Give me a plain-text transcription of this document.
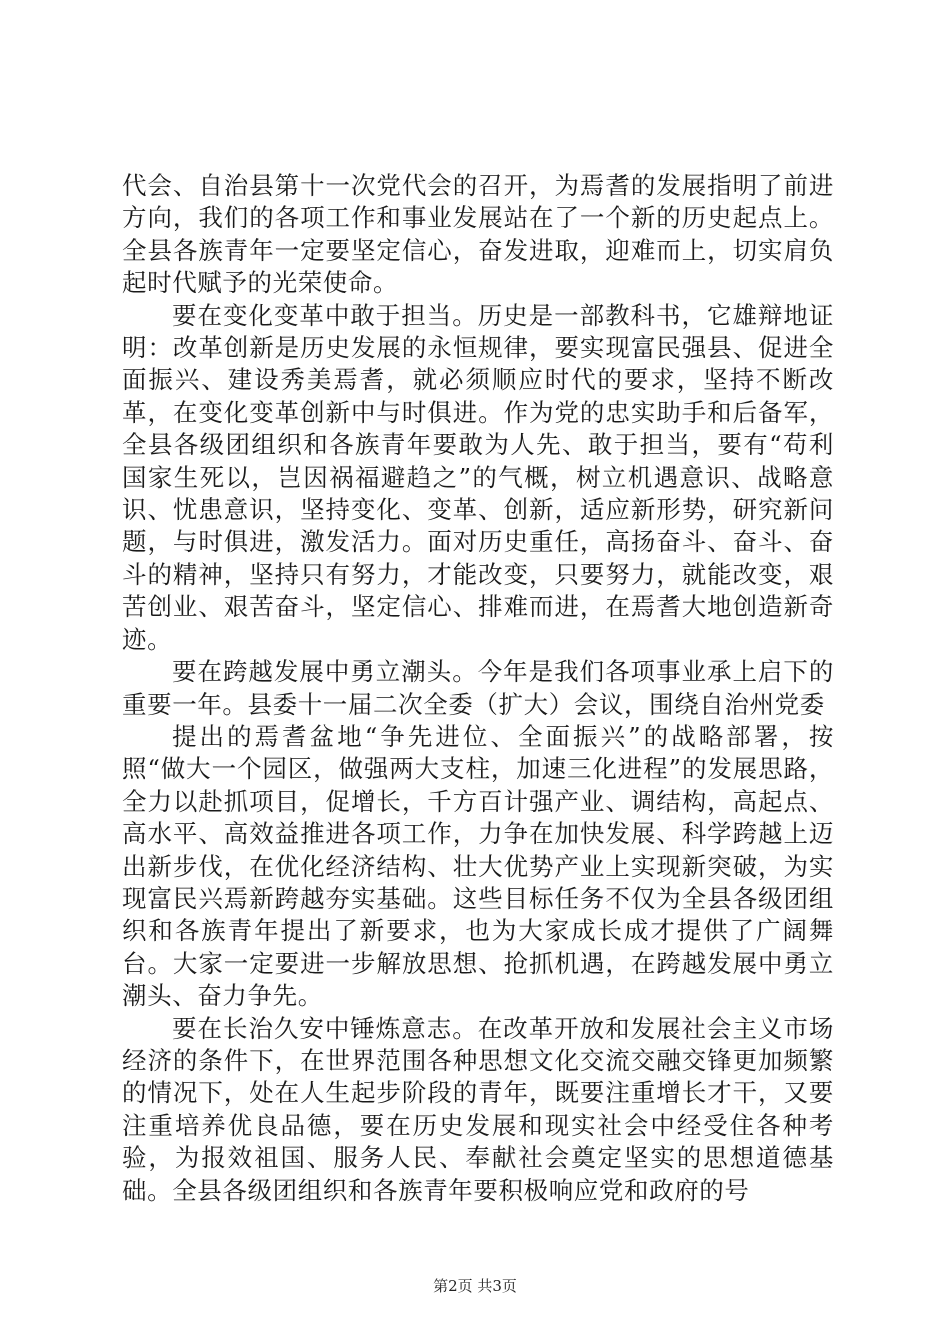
代会、自治县第十一次党代会的召开，为焉耆的发展指明了前进方向，我们的各项工作和事业发展站在了一个新的历史起点上。全县各族青年一定要坚定信心，奋发进取，迎难而上，切实肩负起时代赋予的光荣使命。

要在变化变革中敢于担当。历史是一部教科书，它雄辩地证明：改革创新是历史发展的永恒规律，要实现富民强县、促进全面振兴、建设秀美焉耆，就必须顺应时代的要求，坚持不断改革，在变化变革创新中与时俱进。作为党的忠实助手和后备军，全县各级团组织和各族青年要敢为人先、敢于担当，要有“苟利国家生死以，岂因祸福避趋之”的气概，树立机遇意识、战略意识、忧患意识，坚持变化、变革、创新，适应新形势，研究新问题，与时俱进，激发活力。面对历史重任，高扬奋斗、奋斗、奋斗的精神，坚持只有努力，才能改变，只要努力，就能改变，艰苦创业、艰苦奋斗，坚定信心、排难而进，在焉耆大地创造新奇迹。

要在跨越发展中勇立潮头。今年是我们各项事业承上启下的重要一年。县委十一届二次全委（扩大）会议，围绕自治州党委

提出的焉耆盆地“争先进位、全面振兴”的战略部署，按照“做大一个园区，做强两大支柱，加速三化进程”的发展思路，全力以赴抓项目，促增长，千方百计强产业、调结构，高起点、高水平、高效益推进各项工作，力争在加快发展、科学跨越上迈出新步伐，在优化经济结构、壮大优势产业上实现新突破，为实现富民兴焉新跨越夯实基础。这些目标任务不仅为全县各级团组织和各族青年提出了新要求，也为大家成长成才提供了广阔舞台。大家一定要进一步解放思想、抢抓机遇，在跨越发展中勇立潮头、奋力争先。

要在长治久安中锤炼意志。在改革开放和发展社会主义市场经济的条件下，在世界范围各种思想文化交流交融交锋更加频繁的情况下，处在人生起步阶段的青年，既要注重增长才干，又要注重培养优良品德，要在历史发展和现实社会中经受住各种考验，为报效祖国、服务人民、奉献社会奠定坚实的思想道德基础。全县各级团组织和各族青年要积极响应党和政府的号

第2页 共3页
